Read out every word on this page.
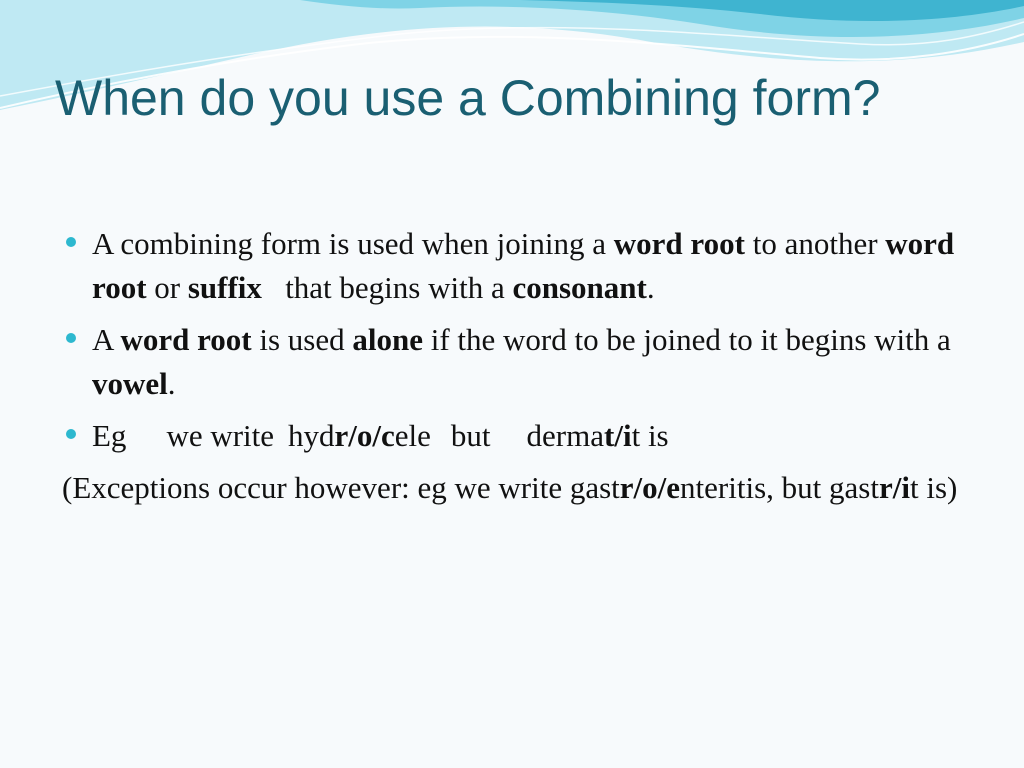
When do you use a Combining form?
A combining form is used when joining a word root to another word root or suffix   that begins with a consonant.
A word root is used alone if the word to be joined to it begins with a vowel.
Eg we write hydr/o/cele but dermat/it is
(Exceptions occur however: eg we write gastr/o/enteritis, but gastr/it is)
